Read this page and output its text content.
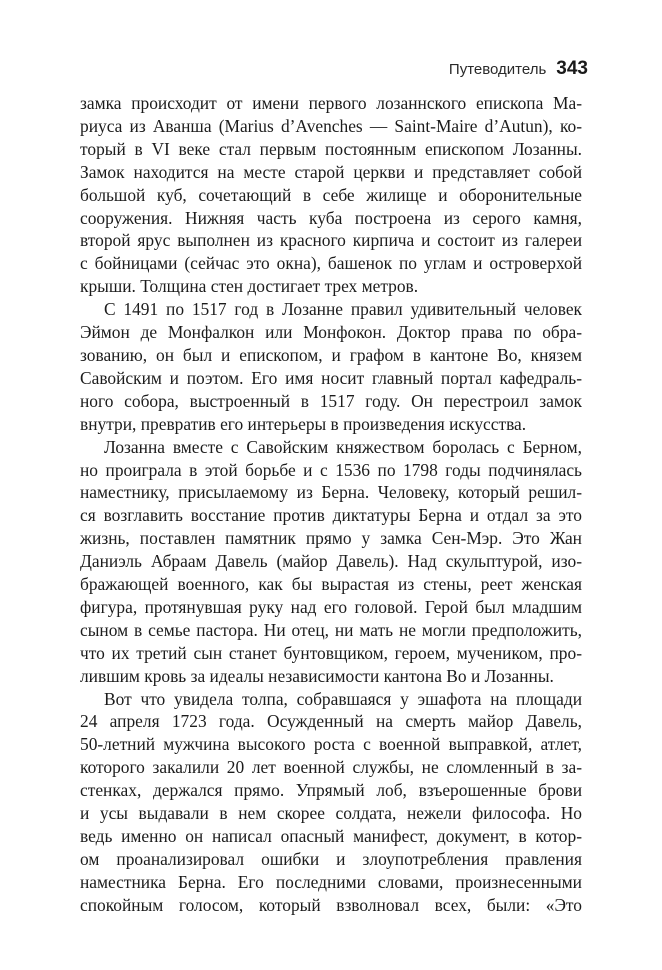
Путеводитель 343

замка происходит от имени первого лозаннского епископа Ма-
риуса из Аванша (Marius d’Avenches — Saint-Maire d’Autun), ко-
торый в VI веке стал первым постоянным епископом Лозанны.
Замок находится на месте старой церкви и представляет собой
большой куб, сочетающий в себе жилище и оборонительные
сооружения. Нижняя часть куба построена из серого камня,
второй ярус выполнен из красного кирпича и состоит из галереи
с бойницами (сейчас это окна), башенок по углам и островерхой
крыши. Толщина стен достигает трех метров.

С 1491 по 1517 год в Лозанне правил удивительный человек
Эймон де Монфалкон или Монфокон. Доктор права по обра-
зованию, он был и епископом, и графом в кантоне Во, князем
Савойским и поэтом. Его имя носит главный портал кафедраль-
ного собора, выстроенный в 1517 году. Он перестроил замок
внутри, превратив его интерьеры в произведения искусства.

Лозанна вместе с Савойским княжеством боролась с Берном,
но проиграла в этой борьбе и с 1536 по 1798 годы подчинялась
наместнику, присылаемому из Берна. Человеку, который решил-
ся возглавить восстание против диктатуры Берна и отдал за это
жизнь, поставлен памятник прямо у замка Сен-Мэр. Это Жан
Даниэль Абраам Давель (майор Давель). Над скульптурой, изо-
бражающей военного, как бы вырастая из стены, реет женская
фигура, протянувшая руку над его головой. Герой был младшим
сыном в семье пастора. Ни отец, ни мать не могли предположить,
что их третий сын станет бунтовщиком, героем, мучеником, про-
лившим кровь за идеалы независимости кантона Во и Лозанны.

Вот что увидела толпа, собравшаяся у эшафота на площади
24 апреля 1723 года. Осужденный на смерть майор Давель,
50-летний мужчина высокого роста с военной выправкой, атлет,
которого закалили 20 лет военной службы, не сломленный в за-
стенках, держался прямо. Упрямый лоб, взъерошенные брови
и усы выдавали в нем скорее солдата, нежели философа. Но
ведь именно он написал опасный манифест, документ, в котор-
ом проанализировал ошибки и злоупотребления правления
наместника Берна. Его последними словами, произнесенными
спокойным голосом, который взволновал всех, были: «Это
